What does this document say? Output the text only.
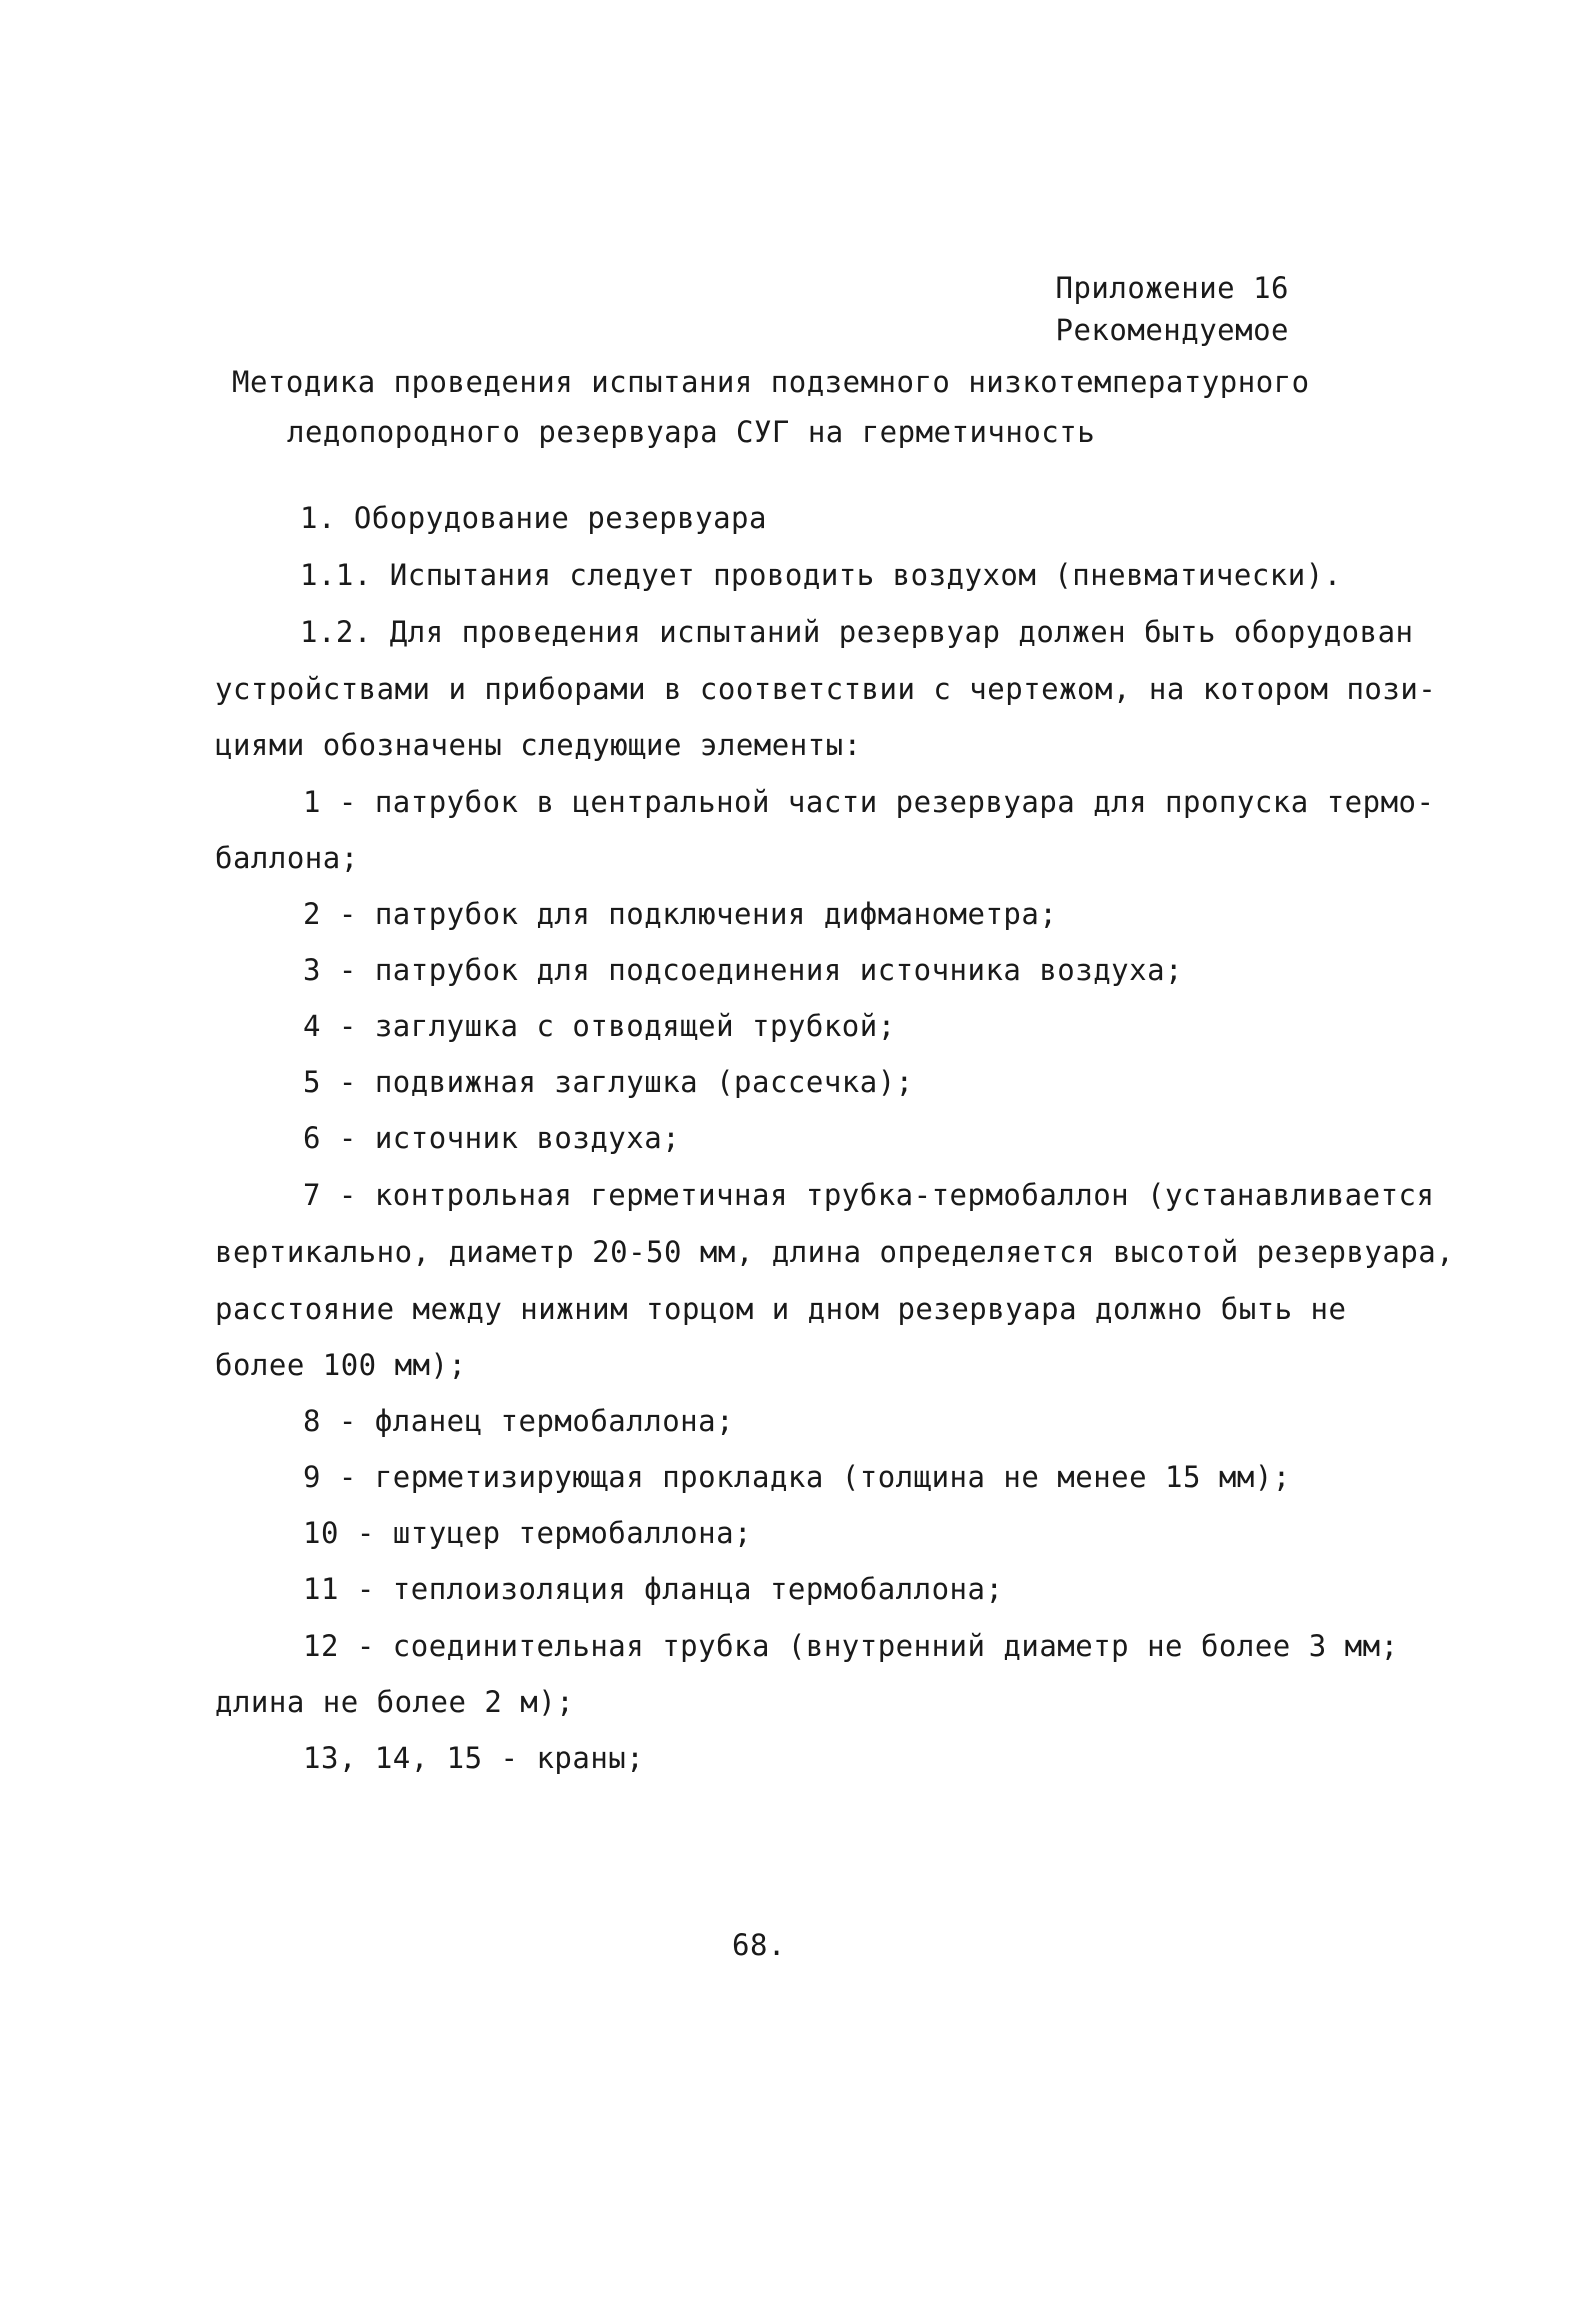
Приложение 16
Рекомендуемое
Методика проведения испытания подземного низкотемпературного
ледопородного резервуара СУГ на герметичность
1. Оборудование резервуара
1.1. Испытания следует проводить воздухом (пневматически).
1.2. Для проведения испытаний резервуар должен быть оборудован
устройствами и приборами в соответствии с чертежом, на котором пози-
циями обозначены следующие элементы:
1 - патрубок в центральной части резервуара для пропуска термо-
баллона;
2 - патрубок для подключения дифманометра;
3 - патрубок для подсоединения источника воздуха;
4 - заглушка с отводящей трубкой;
5 - подвижная заглушка (рассечка);
6 - источник воздуха;
7 - контрольная герметичная трубка-термобаллон (устанавливается
вертикально, диаметр 20-50 мм, длина определяется высотой резервуара,
расстояние между нижним торцом и дном резервуара должно быть не
более 100 мм);
8 - фланец термобаллона;
9 - герметизирующая прокладка (толщина не менее 15 мм);
10 - штуцер термобаллона;
11 - теплоизоляция фланца термобаллона;
12 - соединительная трубка (внутренний диаметр не более 3 мм;
длина не более 2 м);
13, 14, 15 - краны;
68.
